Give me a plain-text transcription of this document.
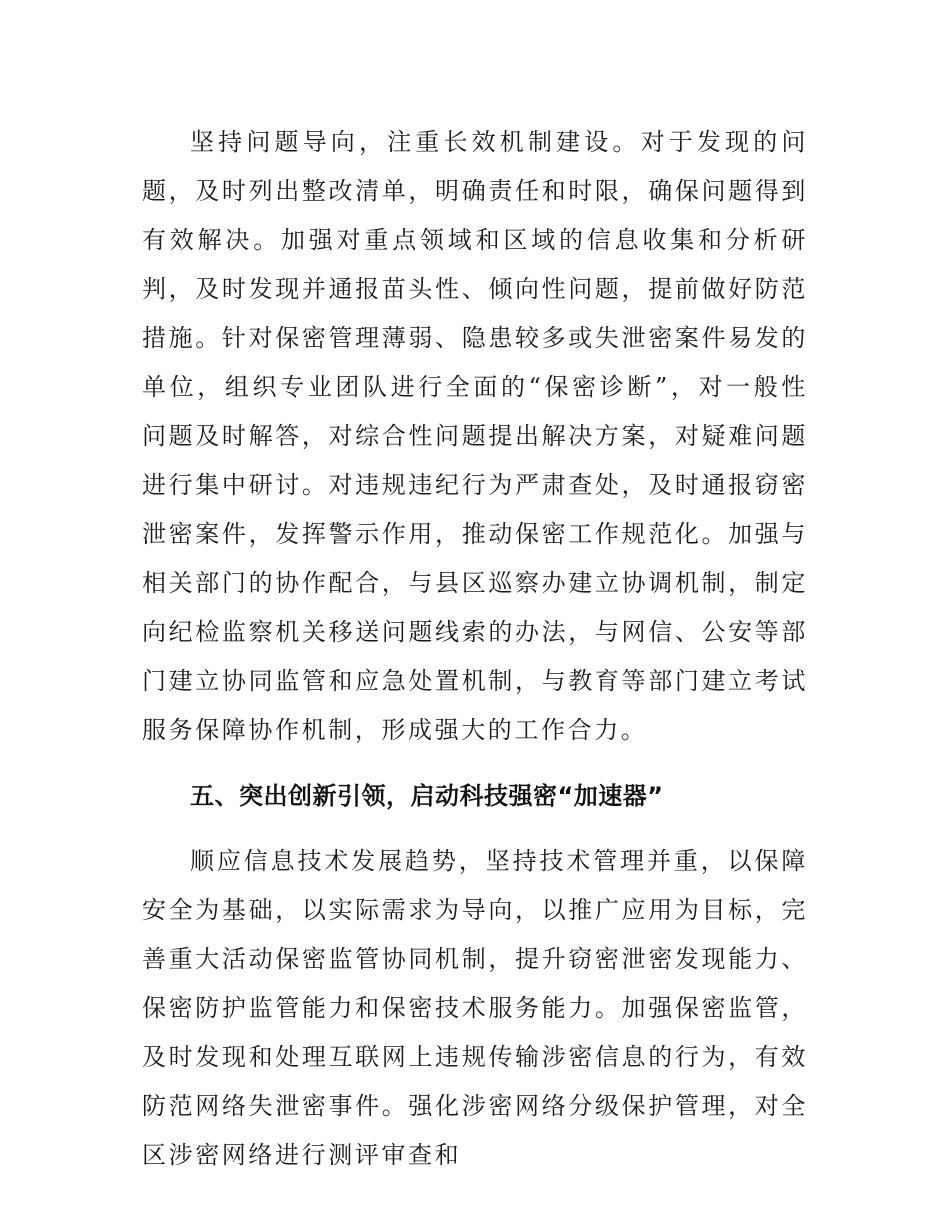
坚持问题导向，注重长效机制建设。对于发现的问题，及时列出整改清单，明确责任和时限，确保问题得到有效解决。加强对重点领域和区域的信息收集和分析研判，及时发现并通报苗头性、倾向性问题，提前做好防范措施。针对保密管理薄弱、隐患较多或失泄密案件易发的单位，组织专业团队进行全面的“保密诊断”，对一般性问题及时解答，对综合性问题提出解决方案，对疑难问题进行集中研讨。对违规违纪行为严肃查处，及时通报窃密泄密案件，发挥警示作用，推动保密工作规范化。加强与相关部门的协作配合，与县区巡察办建立协调机制，制定向纪检监察机关移送问题线索的办法，与网信、公安等部门建立协同监管和应急处置机制，与教育等部门建立考试服务保障协作机制，形成强大的工作合力。

五、突出创新引领，启动科技强密“加速器”

顺应信息技术发展趋势，坚持技术管理并重，以保障安全为基础，以实际需求为导向，以推广应用为目标，完善重大活动保密监管协同机制，提升窃密泄密发现能力、保密防护监管能力和保密技术服务能力。加强保密监管，及时发现和处理互联网上违规传输涉密信息的行为，有效防范网络失泄密事件。强化涉密网络分级保护管理，对全区涉密网络进行测评审查和
